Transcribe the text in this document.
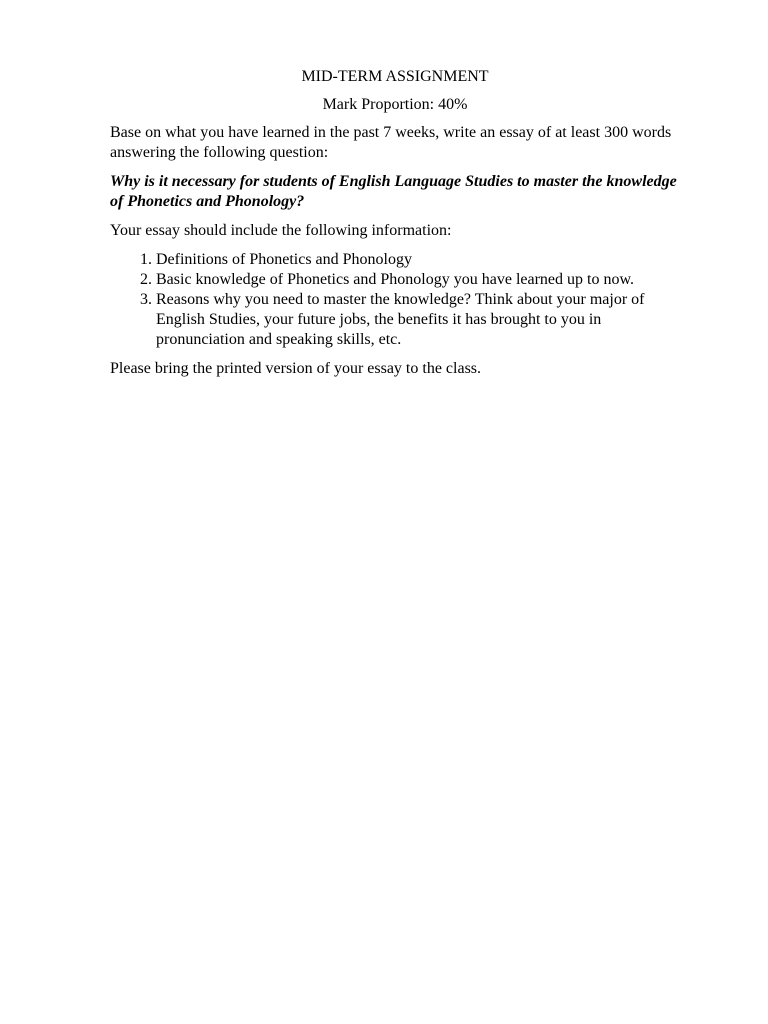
MID-TERM ASSIGNMENT

Mark Proportion: 40%

Base on what you have learned in the past 7 weeks, write an essay of at least 300 words answering the following question:

Why is it necessary for students of English Language Studies to master the knowledge of Phonetics and Phonology?

Your essay should include the following information:

1. Definitions of Phonetics and Phonology
2. Basic knowledge of Phonetics and Phonology you have learned up to now.
3. Reasons why you need to master the knowledge? Think about your major of English Studies, your future jobs, the benefits it has brought to you in pronunciation and speaking skills, etc.

Please bring the printed version of your essay to the class.
